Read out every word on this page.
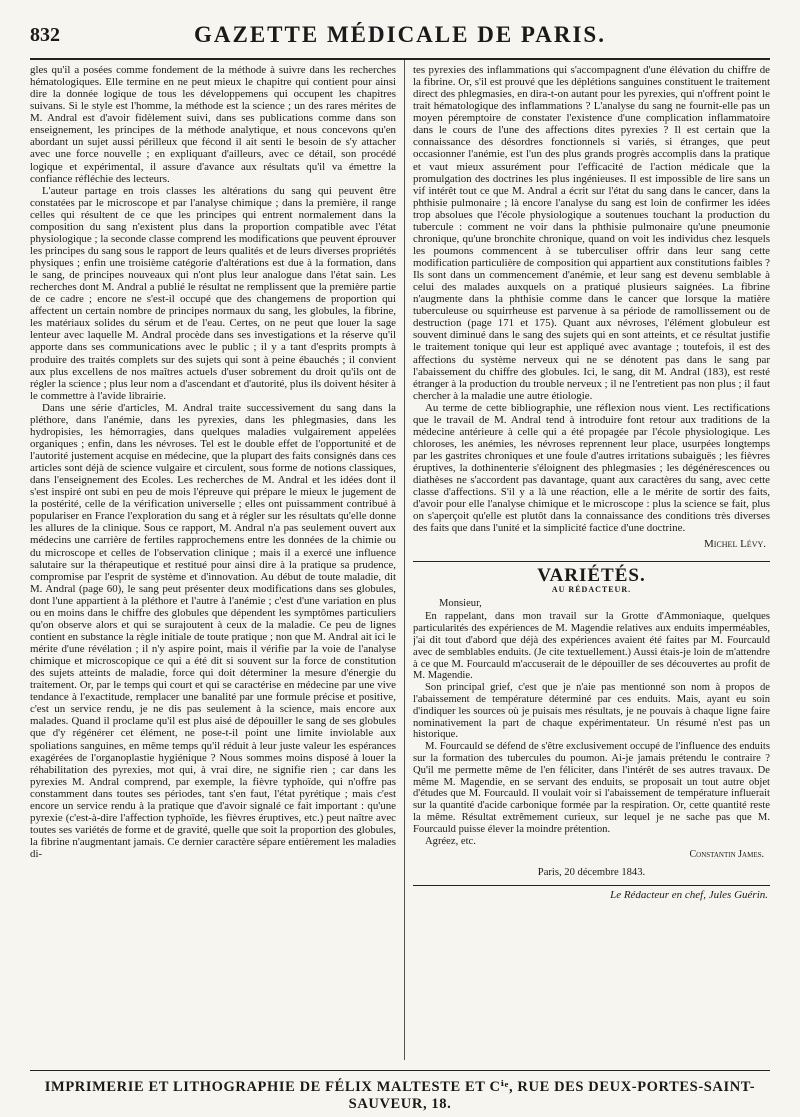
832	GAZETTE MÉDICALE DE PARIS.

gles qu'il a posées comme fondement de la méthode à suivre dans les recherches hématologiques. Elle termine en ne peut mieux le chapitre qui contient pour ainsi dire la donnée logique de tous les développemens qui occupent les chapitres suivans. Si le style est l'homme, la méthode est la science ; un des rares mérites de M. Andral est d'avoir fidèlement suivi, dans ses publications comme dans son enseignement, les principes de la méthode analytique, et nous concevons qu'en abordant un sujet aussi périlleux que fécond il ait senti le besoin de s'y attacher avec une force nouvelle ; en expliquant d'ailleurs, avec ce détail, son procédé logique et expérimental, il assure d'avance aux résultats qu'il va émettre la confiance réfléchie des lecteurs.

L'auteur partage en trois classes les altérations du sang qui peuvent être constatées par le microscope et par l'analyse chimique ; dans la première, il range celles qui résultent de ce que les principes qui entrent normalement dans la composition du sang n'existent plus dans la proportion compatible avec l'état physiologique ; la seconde classe comprend les modifications que peuvent éprouver les principes du sang sous le rapport de leurs qualités et de leurs diverses propriétés physiques ; enfin une troisième catégorie d'altérations est due à la formation, dans le sang, de principes nouveaux qui n'ont plus leur analogue dans l'état sain. Les recherches dont M. Andral a publié le résultat ne remplissent que la première partie de ce cadre ; encore ne s'est-il occupé que des changemens de proportion qui affectent un certain nombre de principes normaux du sang, les globules, la fibrine, les matériaux solides du sérum et de l'eau. Certes, on ne peut que louer la sage lenteur avec laquelle M. Andral procède dans ses investigations et la réserve qu'il apporte dans ses communications avec le public ; il y a tant d'esprits prompts à produire des traités complets sur des sujets qui sont à peine ébauchés ; il convient aux plus excellens de nos maîtres actuels d'user sobrement du droit qu'ils ont de régler la science ; plus leur nom a d'ascendant et d'autorité, plus ils doivent hésiter à le commettre à l'avide librairie.

Dans une série d'articles, M. Andral traite successivement du sang dans la pléthore, dans l'anémie, dans les pyrexies, dans les phlegmasies, dans les hydropisies, les hémorragies, dans quelques maladies vulgairement appelées organiques ; enfin, dans les névroses. Tel est le double effet de l'opportunité et de l'autorité justement acquise en médecine, que la plupart des faits consignés dans ces articles sont déjà de science vulgaire et circulent, sous forme de notions classiques, dans l'enseignement des Ecoles. Les recherches de M. Andral et les idées dont il s'est inspiré ont subi en peu de mois l'épreuve qui prépare le mieux le jugement de la postérité, celle de la vérification universelle ; elles ont puissamment contribué à populariser en France l'exploration du sang et à régler sur les résultats qu'elle donne les allures de la clinique. Sous ce rapport, M. Andral n'a pas seulement ouvert aux médecins une carrière de fertiles rapprochemens entre les données de la chimie ou du microscope et celles de l'observation clinique ; mais il a exercé une influence salutaire sur la thérapeutique et restitué pour ainsi dire à la pratique sa prudence, compromise par l'esprit de système et d'innovation. Au début de toute maladie, dit M. Andral (page 60), le sang peut présenter deux modifications dans ses globules, dont l'une appartient à la pléthore et l'autre à l'anémie ; c'est d'une variation en plus ou en moins dans le chiffre des globules que dépendent les symptômes particuliers qu'on observe alors et qui se surajoutent à ceux de la maladie. Ce peu de lignes contient en substance la règle initiale de toute pratique ; non que M. Andral ait ici le mérite d'une révélation ; il n'y aspire point, mais il vérifie par la voie de l'analyse chimique et microscopique ce qui a été dit si souvent sur la force de constitution des sujets atteints de maladie, force qui doit déterminer la mesure d'énergie du traitement. Or, par le temps qui court et qui se caractérise en médecine par une vive tendance à l'exactitude, remplacer une banalité par une formule précise et positive, c'est un service rendu, je ne dis pas seulement à la science, mais encore aux malades. Quand il proclame qu'il est plus aisé de dépouiller le sang de ses globules que d'y régénérer cet élément, ne pose-t-il point une limite inviolable aux spoliations sanguines, en même temps qu'il réduit à leur juste valeur les espérances exagérées de l'organoplastie hygiénique ? Nous sommes moins disposé à louer la réhabilitation des pyrexies, mot qui, à vrai dire, ne signifie rien ; car dans les pyrexies M. Andral comprend, par exemple, la fièvre typhoïde, qui n'offre pas constamment dans toutes ses périodes, tant s'en faut, l'état pyrétique ; mais c'est encore un service rendu à la pratique que d'avoir signalé ce fait important : qu'une pyrexie (c'est-à-dire l'affection typhoïde, les fièvres éruptives, etc.) peut naître avec toutes ses variétés de forme et de gravité, quelle que soit la proportion des globules, la fibrine n'augmentant jamais. Ce dernier caractère sépare entièrement les maladies di-

tes pyrexies des inflammations qui s'accompagnent d'une élévation du chiffre de la fibrine. Or, s'il est prouvé que les déplétions sanguines constituent le traitement direct des phlegmasies, en dira-t-on autant pour les pyrexies, qui n'offrent point le trait hématologique des inflammations ? L'analyse du sang ne fournit-elle pas un moyen péremptoire de constater l'existence d'une complication inflammatoire dans le cours de l'une des affections dites pyrexies ? Il est certain que la connaissance des désordres fonctionnels si variés, si étranges, que peut occasionner l'anémie, est l'un des plus grands progrès accomplis dans la pratique et vaut mieux assurément pour l'efficacité de l'action médicale que la promulgation des doctrines les plus ingénieuses. Il est impossible de lire sans un vif intérêt tout ce que M. Andral a écrit sur l'état du sang dans le cancer, dans la phthisie pulmonaire ; là encore l'analyse du sang est loin de confirmer les idées trop absolues que l'école physiologique a soutenues touchant la production du tubercule : comment ne voir dans la phthisie pulmonaire qu'une pneumonie chronique, qu'une bronchite chronique, quand on voit les individus chez lesquels les poumons commencent à se tuberculiser offrir dans leur sang cette modification particulière de composition qui appartient aux constitutions faibles ? Ils sont dans un commencement d'anémie, et leur sang est devenu semblable à celui des malades auxquels on a pratiqué plusieurs saignées. La fibrine n'augmente dans la phthisie comme dans le cancer que lorsque la matière tuberculeuse ou squirrheuse est parvenue à sa période de ramollissement ou de destruction (page 171 et 175). Quant aux névroses, l'élément globuleur est souvent diminué dans le sang des sujets qui en sont atteints, et ce résultat justifie le traitement tonique qui leur est appliqué avec avantage ; toutefois, il est des affections du système nerveux qui ne se dénotent pas dans le sang par l'abaissement du chiffre des globules. Ici, le sang, dit M. Andral (183), est resté étranger à la production du trouble nerveux ; il ne l'entretient pas non plus ; il faut chercher à la maladie une autre étiologie.

Au terme de cette bibliographie, une réflexion nous vient. Les rectifications que le travail de M. Andral tend à introduire font retour aux traditions de la médecine antérieure à celle qui a été propagée par l'école physiologique. Les chloroses, les anémies, les névroses reprennent leur place, usurpées longtemps par les gastrites chroniques et une foule d'autres irritations subaiguës ; les fièvres éruptives, la dothinenterie s'éloignent des phlegmasies ; les dégénérescences ou diathèses ne s'accordent pas davantage, quant aux caractères du sang, avec cette classe d'affections. S'il y a là une réaction, elle a le mérite de sortir des faits, d'avoir pour elle l'analyse chimique et le microscope : plus la science se fait, plus on s'aperçoit qu'elle est plutôt dans la connaissance des conditions très diverses des faits que dans l'unité et la simplicité factice d'une doctrine.

Michel Lévy.
VARIÉTÉS.
AU RÉDACTEUR.
Monsieur,

En rappelant, dans mon travail sur la Grotte d'Ammoniaque, quelques particularités des expériences de M. Magendie relatives aux enduits imperméables, j'ai dit tout d'abord que déjà des expériences avaient été faites par M. Fourcauld avec de semblables enduits. (Je cite textuellement.) Aussi étais-je loin de m'attendre à ce que M. Fourcauld m'accuserait de le dépouiller de ses découvertes au profit de M. Magendie.

Son principal grief, c'est que je n'aie pas mentionné son nom à propos de l'abaissement de température déterminé par ces enduits. Mais, ayant eu soin d'indiquer les sources où je puisais mes résultats, je ne pouvais à chaque ligne faire nominativement la part de chaque expérimentateur. Un résumé n'est pas un historique.

M. Fourcauld se défend de s'être exclusivement occupé de l'influence des enduits sur la formation des tubercules du poumon. Ai-je jamais prétendu le contraire ? Qu'il me permette même de l'en féliciter, dans l'intérêt de ses autres travaux. De même M. Magendie, en se servant des enduits, se proposait un tout autre objet d'études que M. Fourcauld. Il voulait voir si l'abaissement de température influerait sur la quantité d'acide carbonique formée par la respiration. Or, cette quantité reste la même. Résultat extrêmement curieux, sur lequel je ne sache pas que M. Fourcauld puisse élever la moindre prétention.

Agréez, etc.

Constantin James.
Paris, 20 décembre 1843.
Le Rédacteur en chef, Jules Guérin.
IMPRIMERIE ET LITHOGRAPHIE DE FÉLIX MALTESTE ET Cⁱᵉ, RUE DES DEUX-PORTES-SAINT-SAUVEUR, 18.
